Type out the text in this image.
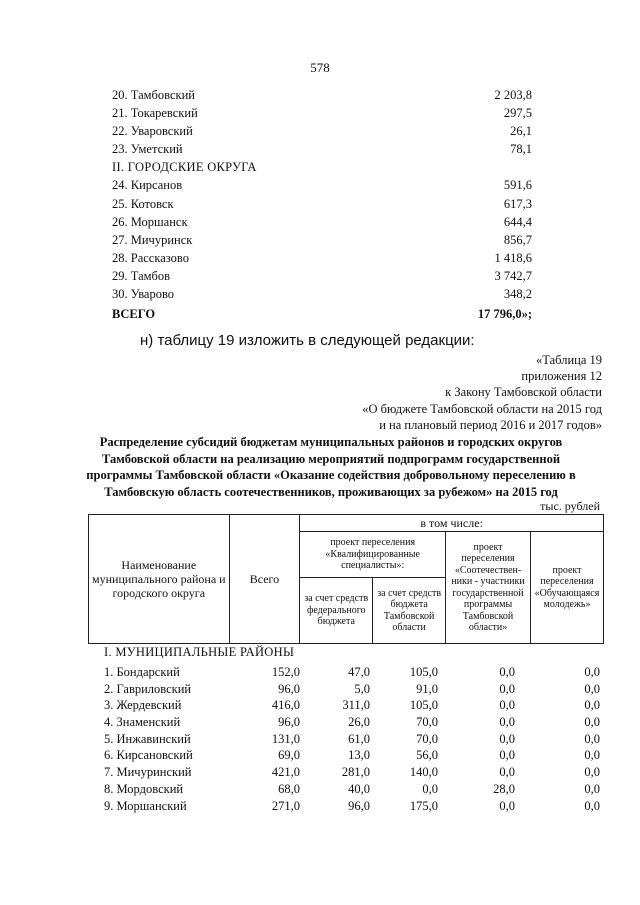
578
20. Тамбовский	2 203,8
21. Токаревский	297,5
22. Уваровский	26,1
23. Уметский	78,1
II. ГОРОДСКИЕ ОКРУГА
24. Кирсанов	591,6
25. Котовск	617,3
26. Моршанск	644,4
27. Мичуринск	856,7
28. Рассказово	1 418,6
29. Тамбов	3 742,7
30. Уварово	348,2
ВСЕГО	17 796,0»;
н) таблицу 19 изложить в следующей редакции:
«Таблица 19
приложения 12
к Закону Тамбовской области
«О бюджете Тамбовской области на 2015 год
и на плановый период 2016 и 2017 годов»
Распределение субсидий бюджетам муниципальных районов и городских округов Тамбовской области на реализацию мероприятий подпрограмм государственной программы Тамбовской области «Оказание содействия добровольному переселению в Тамбовскую область соотечественников, проживающих за рубежом» на 2015 год
тыс. рублей
Наименование муниципального района и городского округа	Всего	в том числе:			
		проект переселения «Квалифицированные специалисты»:		проект переселения «Соотечествен-ники - участники государственной программы Тамбовской области»	проект переселения «Обучающаяся молодежь»
		за счет средств федерального бюджета	за счет средств бюджета Тамбовской области		
I. МУНИЦИПАЛЬНЫЕ РАЙОНЫ
1. Бондарский	152,0	47,0	105,0	0,0	0,0
2. Гавриловский	96,0	5,0	91,0	0,0	0,0
3. Жердевский	416,0	311,0	105,0	0,0	0,0
4. Знаменский	96,0	26,0	70,0	0,0	0,0
5. Инжавинский	131,0	61,0	70,0	0,0	0,0
6. Кирсановский	69,0	13,0	56,0	0,0	0,0
7. Мичуринский	421,0	281,0	140,0	0,0	0,0
8. Мордовский	68,0	40,0	0,0	28,0	0,0
9. Моршанский	271,0	96,0	175,0	0,0	0,0
